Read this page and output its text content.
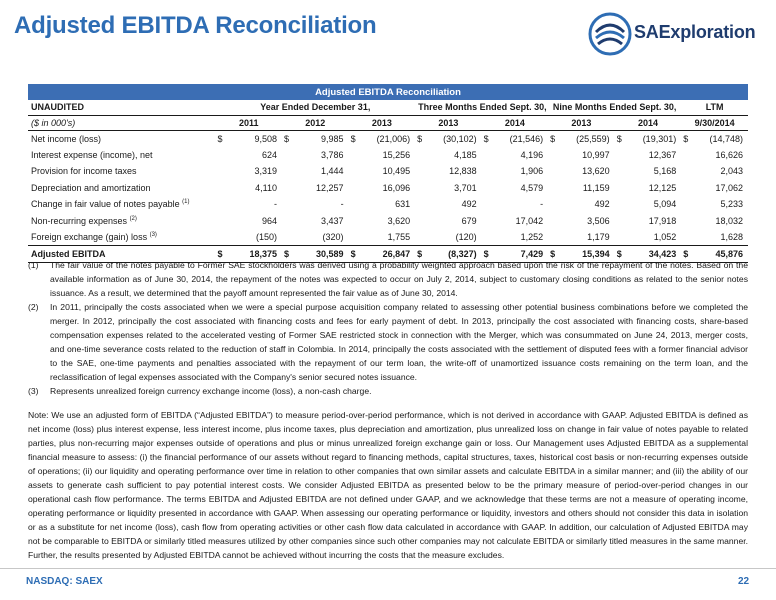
Adjusted EBITDA Reconciliation	SAExploration
Adjusted EBITDA Reconciliation																
UNAUDITED	Year Ended December 31,						Three Months Ended Sept. 30,				Nine Months Ended Sept. 30,				LTM	
($ in 000's)	2011		2012		2013		2013		2014		2013		2014		9/30/2014	
Net income (loss)	$	9,508	$	9,985	$	(21,006)	$	(30,102)	$	(21,546)	$	(25,559)	$	(19,301)	$	(14,748)
Interest expense (income), net		624		3,786		15,256		4,185		4,196		10,997		12,367		16,626
Provision for income taxes		3,319		1,444		10,495		12,838		1,906		13,620		5,168		2,043
Depreciation and amortization		4,110		12,257		16,096		3,701		4,579		11,159		12,125		17,062
Change in fair value of notes payable $^{(1)}$		-		-		631		492		-		492		5,094		5,233
Non-recurring expenses $^{(2)}$		964		3,437		3,620		679		17,042		3,506		17,918		18,032
Foreign exchange (gain) loss $^{(3)}$		(150)		(320)		1,755		(120)		1,252		1,179		1,052		1,628
Adjusted EBITDA	$	18,375	$	30,589	$	26,847	$	(8,327)	$	7,429	$	15,394	$	34,423	$	45,876
(1)	The fair value of the notes payable to Former SAE stockholders was derived using a probability weighted approach based upon the risk of the repayment of the notes. Based on the available information as of June 30, 2014, the repayment of the notes was expected to occur on July 2, 2014, subject to customary closing conditions as related to the senior notes issuance. As a result, we determined that the payoff amount represented the fair value as of June 30, 2014.
(2)	In 2011, principally the costs associated when we were a special purpose acquisition company related to assessing other potential business combinations before we completed the merger. In 2012, principally the cost associated with financing costs and fees for early payment of debt. In 2013, principally the cost associated with financing costs, share-based compensation expenses related to the accelerated vesting of Former SAE restricted stock in connection with the Merger, which was consummated on June 24, 2013, merger costs, and one-time severance costs related to the reduction of staff in Colombia. In 2014, principally the costs associated with the settlement of disputed fees with a former financial advisor to the SAE, one-time payments and penalties associated with the repayment of our term loan, the write-off of unamortized issuance costs remaining on the term loan, and the reclassification of legal expenses associated with the Company's senior secured notes issuance.
(3)	Represents unrealized foreign currency exchange income (loss), a non-cash charge.
Note: We use an adjusted form of EBITDA (“Adjusted EBITDA”) to measure period-over-period performance, which is not derived in accordance with GAAP. Adjusted EBITDA is defined as net income (loss) plus interest expense, less interest income, plus income taxes, plus depreciation and amortization, plus unrealized loss on change in fair value of notes payable to related parties, plus non-recurring major expenses outside of operations and plus or minus unrealized foreign exchange gain or loss. Our Management uses Adjusted EBITDA as a supplemental financial measure to assess: (i) the financial performance of our assets without regard to financing methods, capital structures, taxes, historical cost basis or non-recurring expenses outside of operations; (ii) our liquidity and operating performance over time in relation to other companies that own similar assets and calculate EBITDA in a similar manner; and (iii) the ability of our assets to generate cash sufficient to pay potential interest costs. We consider Adjusted EBITDA as presented below to be the primary measure of period-over-period changes in our operational cash flow performance. The terms EBITDA and Adjusted EBITDA are not defined under GAAP, and we acknowledge that these terms are not a measure of operating income, operating performance or liquidity presented in accordance with GAAP. When assessing our operating performance or liquidity, investors and others should not consider this data in isolation or as a substitute for net income (loss), cash flow from operating activities or other cash flow data calculated in accordance with GAAP. In addition, our calculation of Adjusted EBITDA may not be comparable to EBITDA or similarly titled measures utilized by other companies since such other companies may not calculate EBITDA or similarly titled measures in the same manner. Further, the results presented by Adjusted EBITDA cannot be achieved without incurring the costs that the measure excludes.
NASDAQ: SAEX	22
